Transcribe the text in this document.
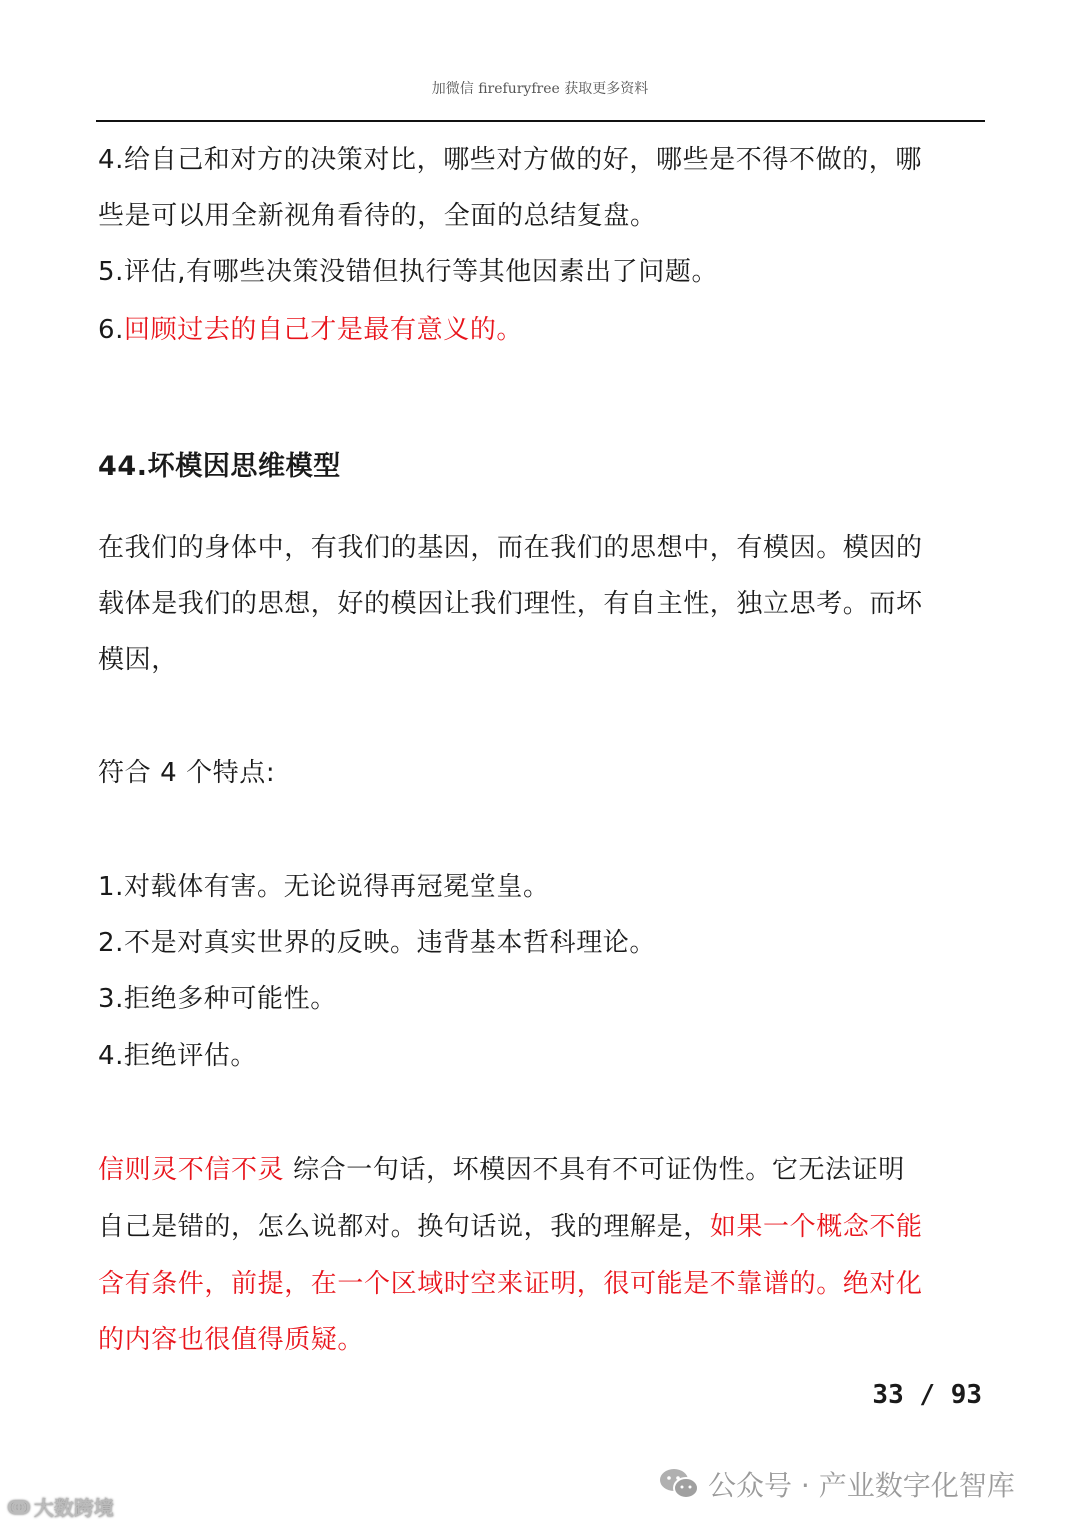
加微信 firefuryfree 获取更多资料
4.给自己和对方的决策对比，哪些对方做的好，哪些是不得不做的，哪
些是可以用全新视角看待的，全面的总结复盘。
5.评估,有哪些决策没错但执行等其他因素出了问题。
6.回顾过去的自己才是最有意义的。
44.坏模因思维模型
在我们的身体中，有我们的基因，而在我们的思想中，有模因。模因的
载体是我们的思想，好的模因让我们理性，有自主性，独立思考。而坏
模因，
符合 4 个特点:
1.对载体有害。无论说得再冠冕堂皇。
2.不是对真实世界的反映。违背基本哲科理论。
3.拒绝多种可能性。
4.拒绝评估。
信则灵不信不灵 综合一句话，坏模因不具有不可证伪性。它无法证明
自己是错的，怎么说都对。换句话说，我的理解是，如果一个概念不能
含有条件，前提，在一个区域时空来证明，很可能是不靠谱的。绝对化
的内容也很值得质疑。
33 / 93
公众号 · 产业数字化智库
ↈ 大数跨境
